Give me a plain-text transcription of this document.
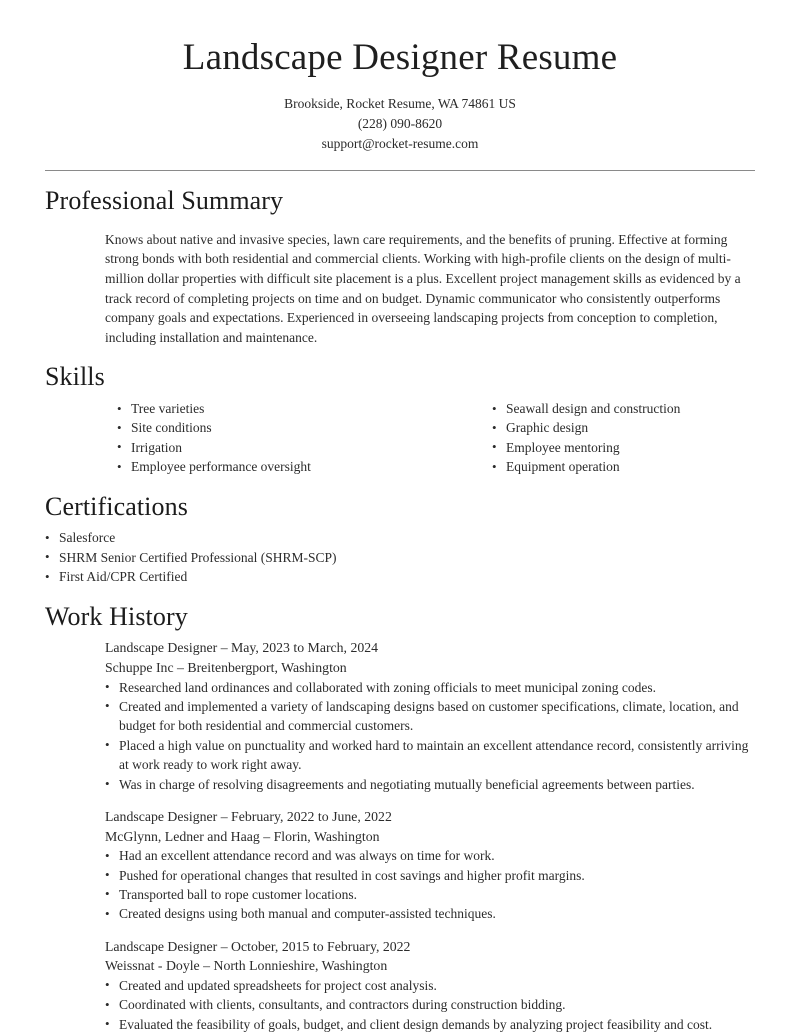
Landscape Designer Resume
Brookside, Rocket Resume, WA 74861 US
(228) 090-8620
support@rocket-resume.com
Professional Summary

Knows about native and invasive species, lawn care requirements, and the benefits of pruning. Effective at forming strong bonds with both residential and commercial clients. Working with high-profile clients on the design of multi-million dollar properties with difficult site placement is a plus. Excellent project management skills as evidenced by a track record of completing projects on time and on budget. Dynamic communicator who consistently outperforms company goals and expectations. Experienced in overseeing landscaping projects from conception to completion, including installation and maintenance.

Skills
• Tree varieties
• Site conditions
• Irrigation
• Employee performance oversight
• Seawall design and construction
• Graphic design
• Employee mentoring
• Equipment operation
Certifications
• Salesforce
• SHRM Senior Certified Professional (SHRM-SCP)
• First Aid/CPR Certified
Work History
Landscape Designer – May, 2023 to March, 2024
Schuppe Inc – Breitenbergport, Washington
• Researched land ordinances and collaborated with zoning officials to meet municipal zoning codes.
• Created and implemented a variety of landscaping designs based on customer specifications, climate, location, and budget for both residential and commercial customers.
• Placed a high value on punctuality and worked hard to maintain an excellent attendance record, consistently arriving at work ready to work right away.
• Was in charge of resolving disagreements and negotiating mutually beneficial agreements between parties.
Landscape Designer – February, 2022 to June, 2022
McGlynn, Ledner and Haag – Florin, Washington
• Had an excellent attendance record and was always on time for work.
• Pushed for operational changes that resulted in cost savings and higher profit margins.
• Transported ball to rope customer locations.
• Created designs using both manual and computer-assisted techniques.
Landscape Designer – October, 2015 to February, 2022
Weissnat - Doyle – North Lonnieshire, Washington
• Created and updated spreadsheets for project cost analysis.
• Coordinated with clients, consultants, and contractors during construction bidding.
• Evaluated the feasibility of goals, budget, and client design demands by analyzing project feasibility and cost.
